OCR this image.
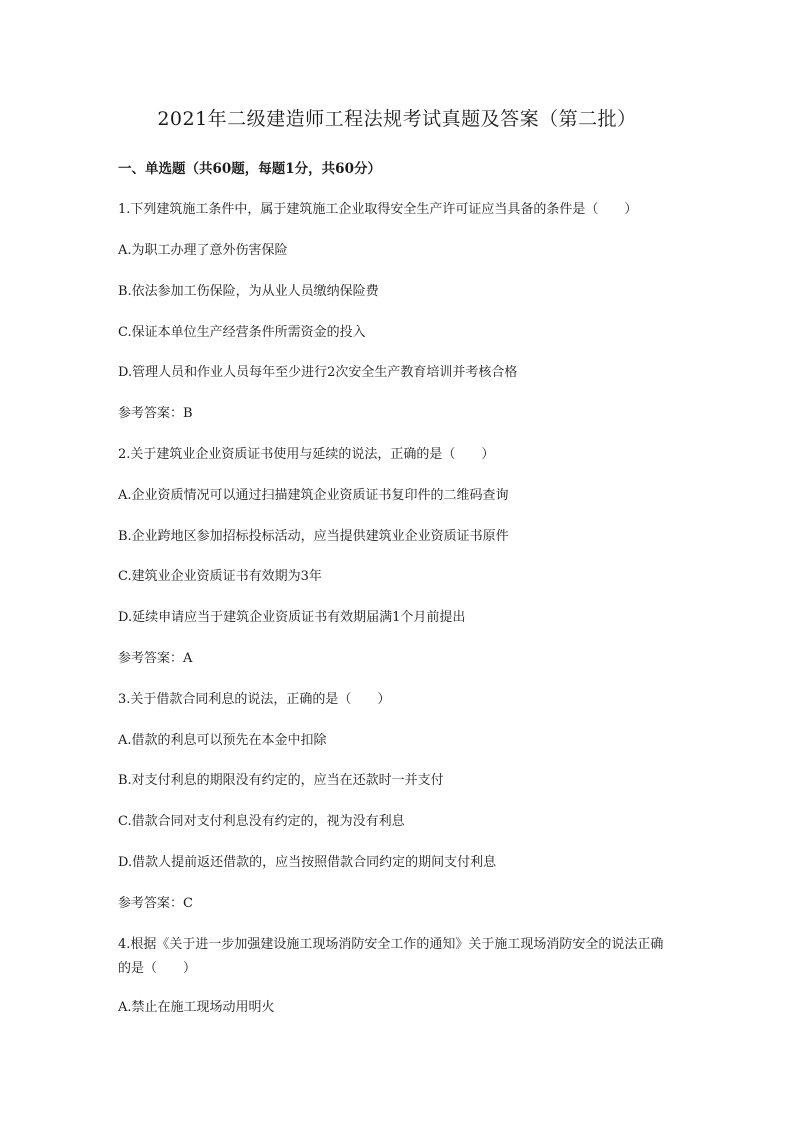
2021年二级建造师工程法规考试真题及答案（第二批）
一、单选题（共60题，每题1分，共60分）
1.下列建筑施工条件中，属于建筑施工企业取得安全生产许可证应当具备的条件是（　　）
A.为职工办理了意外伤害保险
B.依法参加工伤保险，为从业人员缴纳保险费
C.保证本单位生产经营条件所需资金的投入
D.管理人员和作业人员每年至少进行2次安全生产教育培训并考核合格
参考答案：B
2.关于建筑业企业资质证书使用与延续的说法，正确的是（　　）
A.企业资质情况可以通过扫描建筑企业资质证书复印件的二维码查询
B.企业跨地区参加招标投标活动，应当提供建筑业企业资质证书原件
C.建筑业企业资质证书有效期为3年
D.延续申请应当于建筑企业资质证书有效期届满1个月前提出
参考答案：A
3.关于借款合同利息的说法，正确的是（　　）
A.借款的利息可以预先在本金中扣除
B.对支付利息的期限没有约定的，应当在还款时一并支付
C.借款合同对支付利息没有约定的，视为没有利息
D.借款人提前返还借款的，应当按照借款合同约定的期间支付利息
参考答案：C
4.根据《关于进一步加强建设施工现场消防安全工作的通知》关于施工现场消防安全的说法正确的是（　　）
A.禁止在施工现场动用明火
